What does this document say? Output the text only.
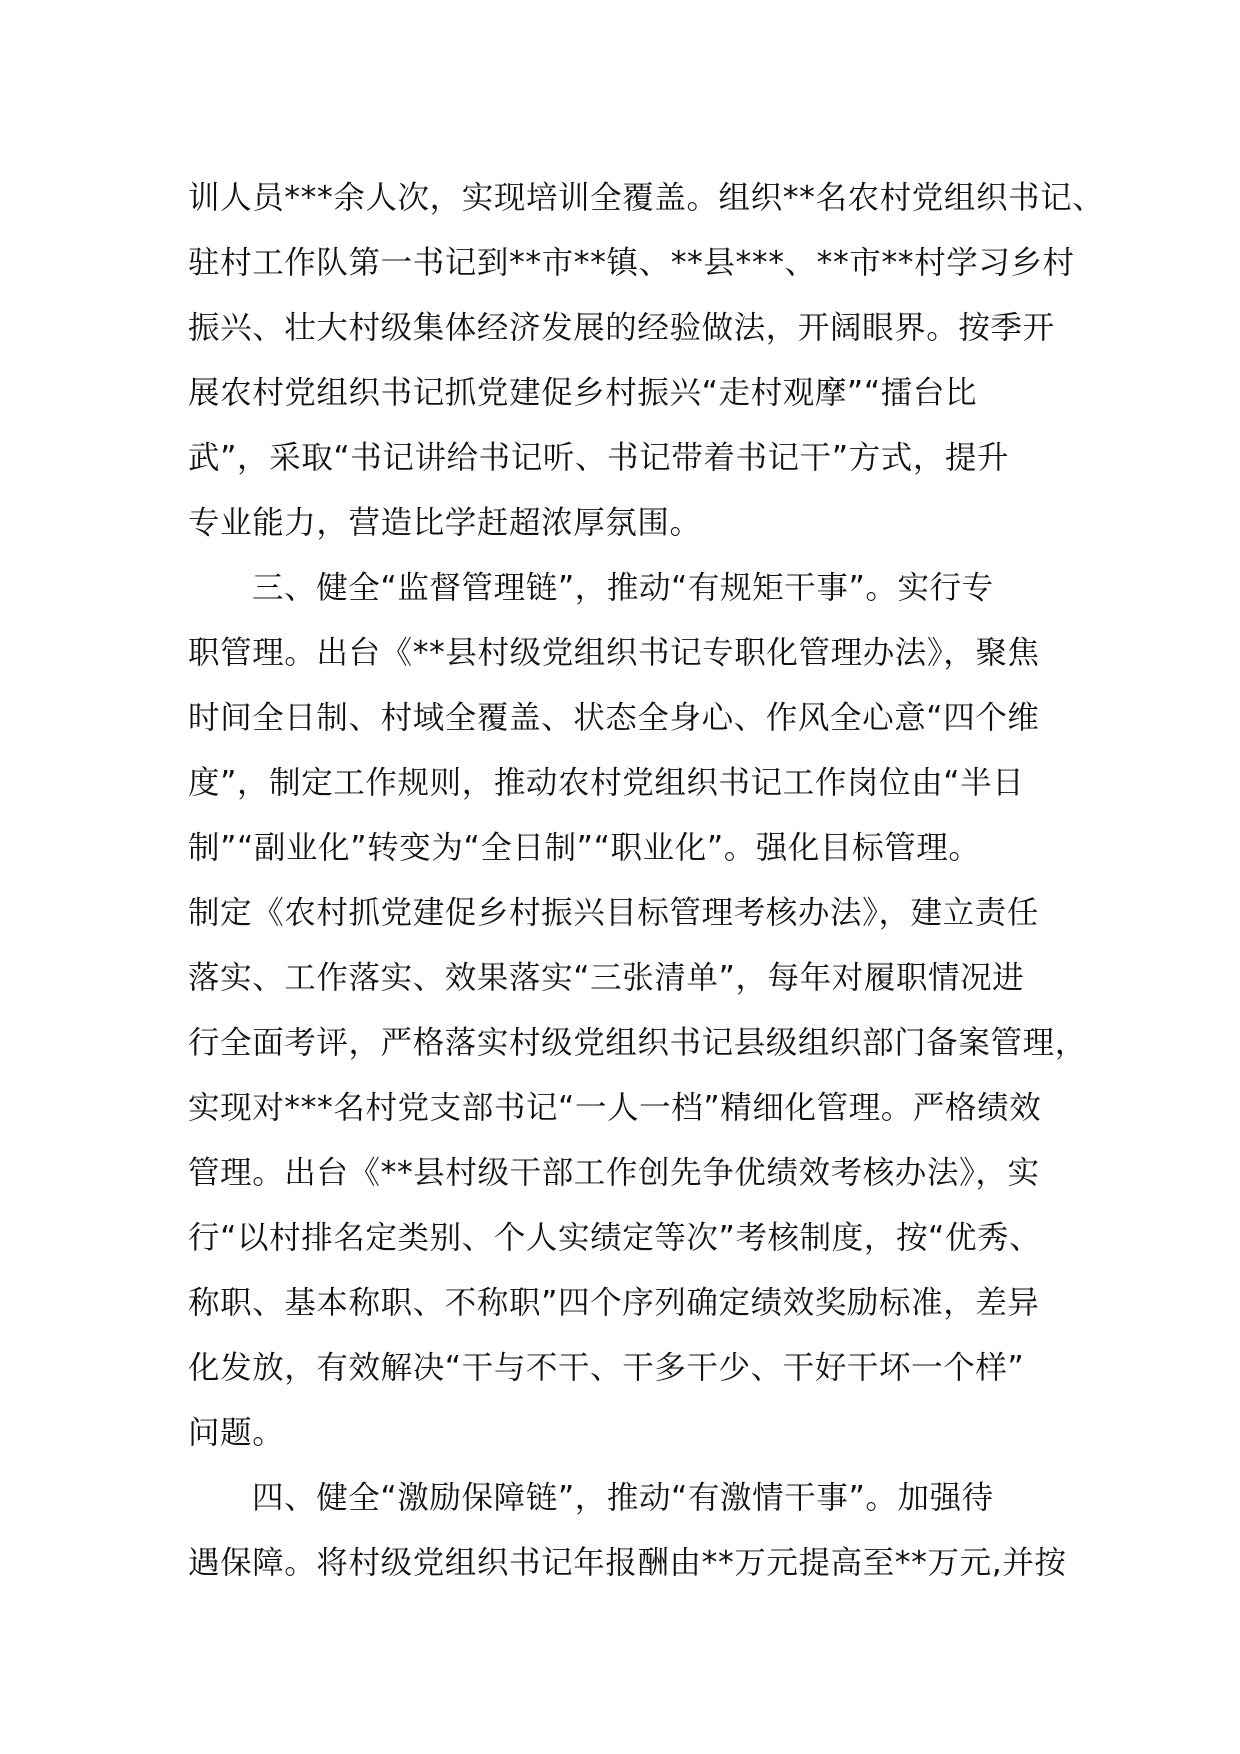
训人员***余人次，实现培训全覆盖。组织**名农村党组织书记、
驻村工作队第一书记到**市**镇、**县***、**市**村学习乡村
振兴、壮大村级集体经济发展的经验做法，开阔眼界。按季开
展农村党组织书记抓党建促乡村振兴“走村观摩”“擂台比
武”，采取“书记讲给书记听、书记带着书记干”方式，提升
专业能力，营造比学赶超浓厚氛围。
三、健全“监督管理链”，推动“有规矩干事”。实行专
职管理。出台《**县村级党组织书记专职化管理办法》，聚焦
时间全日制、村域全覆盖、状态全身心、作风全心意“四个维
度”，制定工作规则，推动农村党组织书记工作岗位由“半日
制”“副业化”转变为“全日制”“职业化”。强化目标管理。
制定《农村抓党建促乡村振兴目标管理考核办法》，建立责任
落实、工作落实、效果落实“三张清单”，每年对履职情况进
行全面考评，严格落实村级党组织书记县级组织部门备案管理，
实现对***名村党支部书记“一人一档”精细化管理。严格绩效
管理。出台《**县村级干部工作创先争优绩效考核办法》，实
行“以村排名定类别、个人实绩定等次”考核制度，按“优秀、
称职、基本称职、不称职”四个序列确定绩效奖励标准，差异
化发放，有效解决“干与不干、干多干少、干好干坏一个样”
问题。
四、健全“激励保障链”，推动“有激情干事”。加强待
遇保障。将村级党组织书记年报酬由**万元提高至**万元,并按
